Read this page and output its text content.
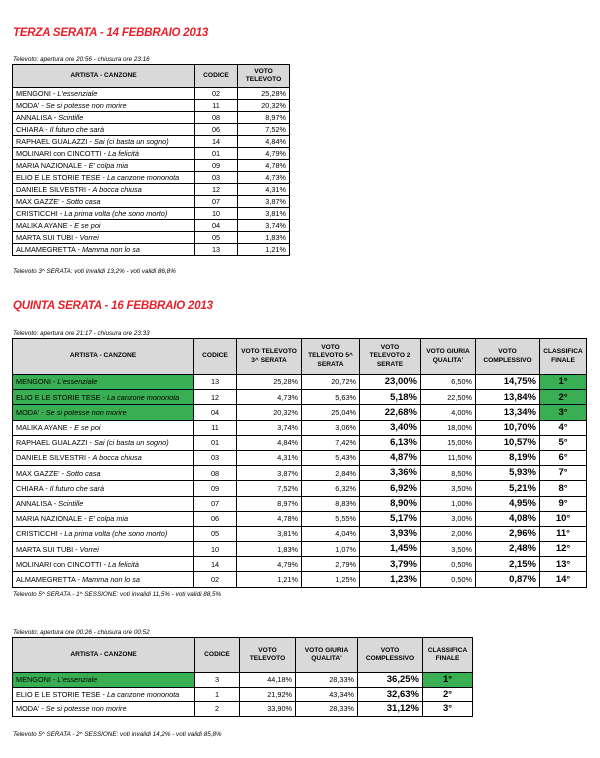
TERZA SERATA - 14 FEBBRAIO 2013
Televoto: apertura ore 20:56 - chiusura ore 23:16
ARTISTA - CANZONE	CODICE	VOTO TELEVOTO
MENGONI - L'essenziale	02	25,28%
MODA' - Se si potesse non morire	11	20,32%
ANNALISA - Scintille	08	8,97%
CHIARA - Il futuro che sarà	06	7,52%
RAPHAEL GUALAZZI - Sai (ci basta un sogno)	14	4,84%
MOLINARI con CINCOTTI - La felicità	01	4,79%
MARIA NAZIONALE - E' colpa mia	09	4,78%
ELIO E LE STORIE TESE - La canzone mononota	03	4,73%
DANIELE SILVESTRI - A bocca chiusa	12	4,31%
MAX GAZZE' - Sotto casa	07	3,87%
CRISTICCHI - La prima volta (che sono morto)	10	3,81%
MALIKA AYANE - E se poi	04	3,74%
MARTA SUI TUBI - Vorrei	05	1,83%
ALMAMEGRETTA - Mamma non lo sa	13	1,21%
Televoto 3^ SERATA: voti invalidi 13,2% - voti validi 86,8%
QUINTA SERATA - 16 FEBBRAIO 2013
Televoto: apertura ore 21:17 - chiusura ore 23:33
ARTISTA - CANZONE	CODICE	VOTO TELEVOTO 3^ SERATA	VOTO TELEVOTO 5^ SERATA	VOTO TELEVOTO 2 SERATE	VOTO GIURIA QUALITA'	VOTO COMPLESSIVO	CLASSIFICA FINALE
MENGONI - L'essenziale	13	25,28%	20,72%	23,00%	6,50%	14,75%	1°
ELIO E LE STORIE TESE - La canzone mononota	12	4,73%	5,63%	5,18%	22,50%	13,84%	2°
MODA' - Se si potesse non morire	04	20,32%	25,04%	22,68%	4,00%	13,34%	3°
MALIKA AYANE - E se poi	11	3,74%	3,06%	3,40%	18,00%	10,70%	4°
RAPHAEL GUALAZZI - Sai (ci basta un sogno)	01	4,84%	7,42%	6,13%	15,00%	10,57%	5°
DANIELE SILVESTRI - A bocca chiusa	03	4,31%	5,43%	4,87%	11,50%	8,19%	6°
MAX GAZZE' - Sotto casa	08	3,87%	2,84%	3,36%	8,50%	5,93%	7°
CHIARA - Il futuro che sarà	09	7,52%	6,32%	6,92%	3,50%	5,21%	8°
ANNALISA - Scintille	07	8,97%	8,83%	8,90%	1,00%	4,95%	9°
MARIA NAZIONALE - E' colpa mia	06	4,78%	5,55%	5,17%	3,00%	4,08%	10°
CRISTICCHI - La prima volta (che sono morto)	05	3,81%	4,04%	3,93%	2,00%	2,96%	11°
MARTA SUI TUBI - Vorrei	10	1,83%	1,07%	1,45%	3,50%	2,48%	12°
MOLINARI con CINCOTTI - La felicità	14	4,79%	2,79%	3,79%	0,50%	2,15%	13°
ALMAMEGRETTA - Mamma non lo sa	02	1,21%	1,25%	1,23%	0,50%	0,87%	14°
Televoto 5^ SERATA - 1^ SESSIONE: voti invalidi 11,5% - voti validi 88,5%
Televoto: apertura ore 00:26 - chiusura ore 00:52
ARTISTA - CANZONE	CODICE	VOTO TELEVOTO	VOTO GIURIA QUALITA'	VOTO COMPLESSIVO	CLASSIFICA FINALE
MENGONI - L'essenziale	3	44,18%	28,33%	36,25%	1°
ELIO E LE STORIE TESE - La canzone mononota	1	21,92%	43,34%	32,63%	2°
MODA' - Se si potesse non morire	2	33,90%	28,33%	31,12%	3°
Televoto 5^ SERATA - 2^ SESSIONE: voti invalidi 14,2% - voti validi 85,8%
